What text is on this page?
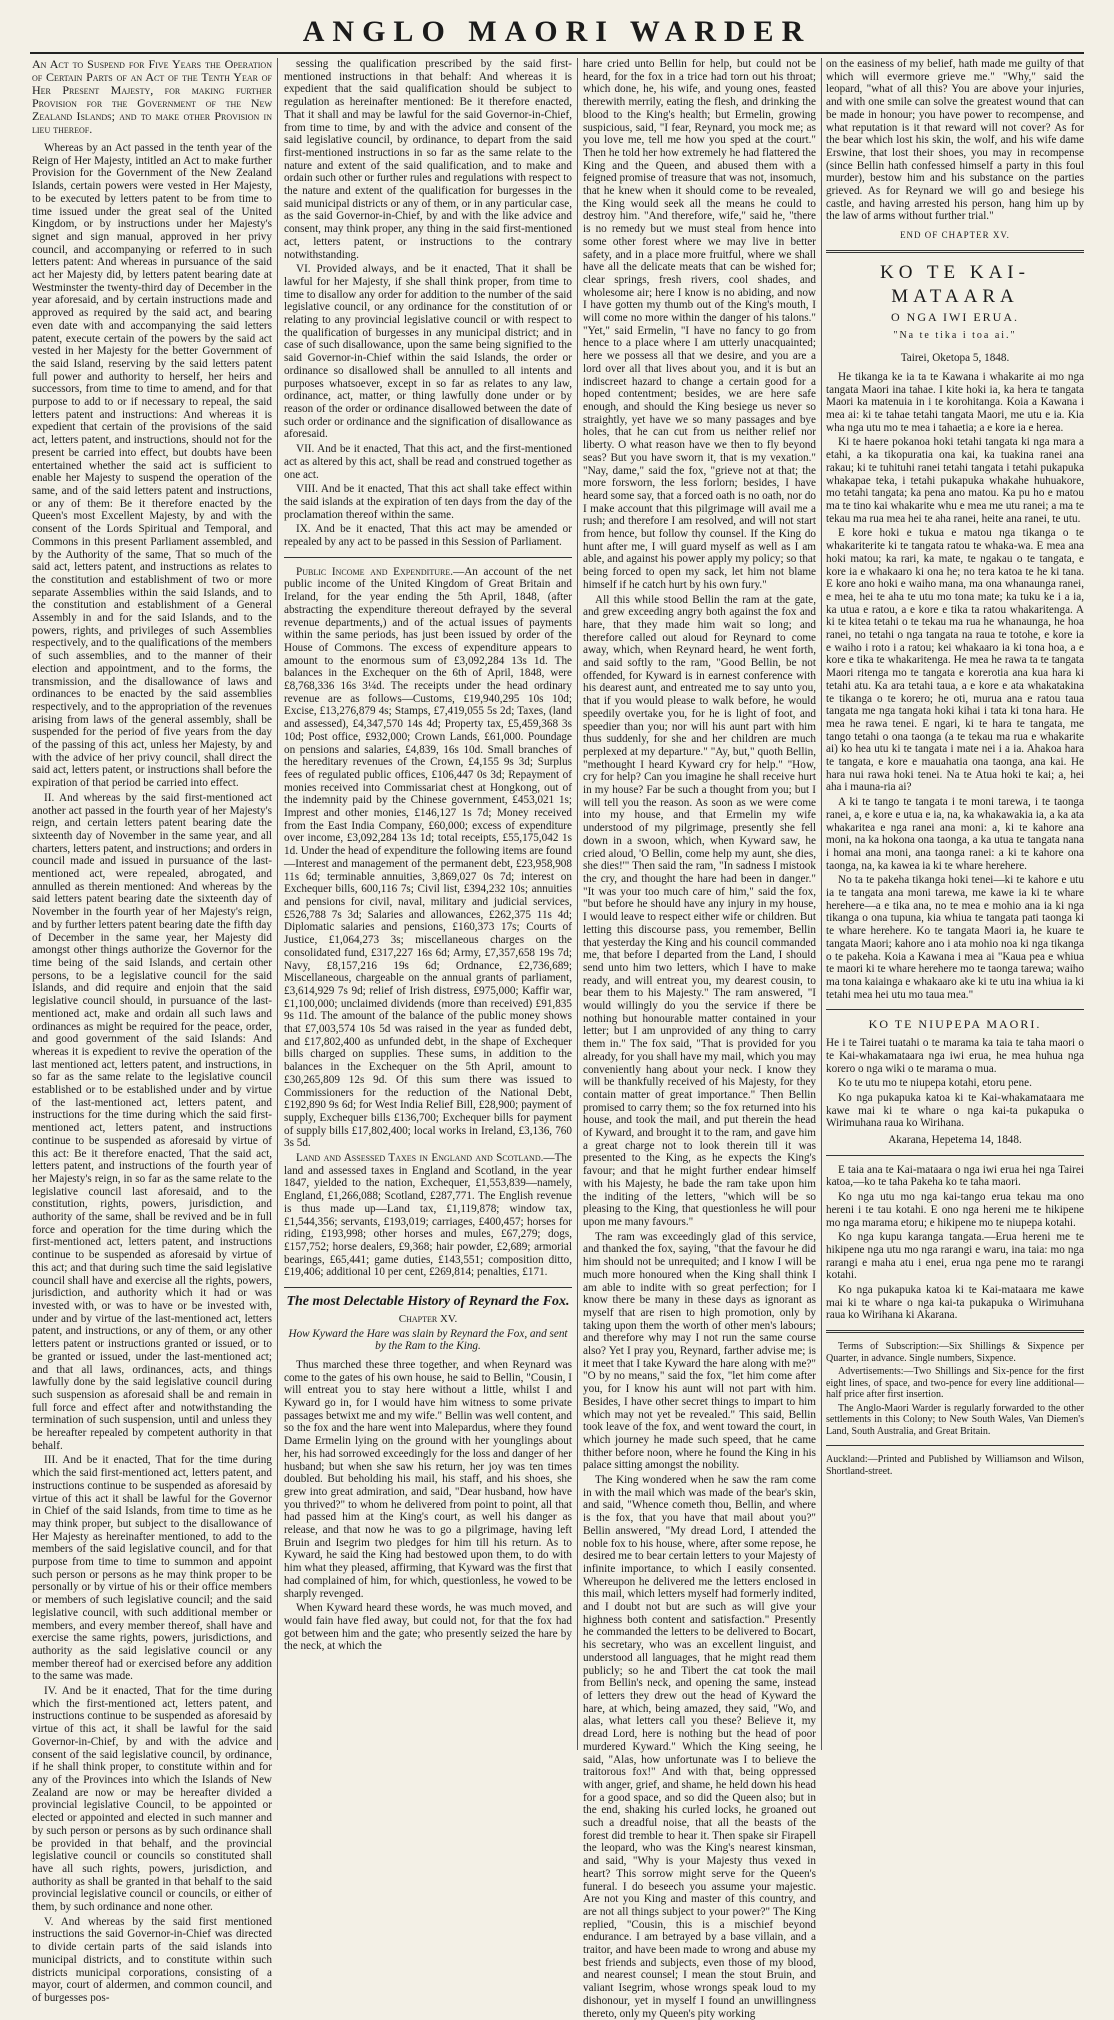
ANGLO MAORI WARDER

An Act to Suspend for Five Years the Operation of Certain Parts of an Act of the Tenth Year of Her Present Majesty, for making further Provision for the Government of the New Zealand Islands; and to make other Provision in lieu thereof.

Whereas by an Act passed in the tenth year of the Reign of Her Majesty, intitled an Act to make further Provision for the Government of the New Zealand Islands, certain powers were vested in Her Majesty, to be executed by letters patent to be from time to time issued under the great seal of the United Kingdom, or by instructions under her Majesty's signet and sign manual, approved in her privy council, and accompanying or referred to in such letters patent: And whereas in pursuance of the said act her Majesty did, by letters patent bearing date at Westminster the twenty-third day of December in the year aforesaid, and by certain instructions made and approved as required by the said act, and bearing even date with and accompanying the said letters patent, execute certain of the powers by the said act vested in her Majesty for the better Government of the said Island, reserving by the said letters patent full power and authority to herself, her heirs and successors, from time to time to amend, and for that purpose to add to or if necessary to repeal, the said letters patent and instructions: And whereas it is expedient that certain of the provisions of the said act, letters patent, and instructions, should not for the present be carried into effect, but doubts have been entertained whether the said act is sufficient to enable her Majesty to suspend the operation of the same, and of the said letters patent and instructions, or any of them: Be it therefore enacted by the Queen's most Excellent Majesty, by and with the consent of the Lords Spiritual and Temporal, and Commons in this present Parliament assembled, and by the Authority of the same, That so much of the said act, letters patent, and instructions as relates to the constitution and establishment of two or more separate Assemblies within the said Islands, and to the constitution and establishment of a General Assembly in and for the said Islands, and to the powers, rights, and privileges of such Assemblies respectively, and to the qualifications of the members of such assemblies, and to the manner of their election and appointment, and to the forms, the transmission, and the disallowance of laws and ordinances to be enacted by the said assemblies respectively, and to the appropriation of the revenues arising from laws of the general assembly, shall be suspended for the period of five years from the day of the passing of this act, unless her Majesty, by and with the advice of her privy council, shall direct the said act, letters patent, or instructions shall before the expiration of that period be carried into effect.

II. And whereas by the said first-mentioned act another act passed in the fourth year of her Majesty's reign, and certain letters patent bearing date the sixteenth day of November in the same year, and all charters, letters patent, and instructions; and orders in council made and issued in pursuance of the last-mentioned act, were repealed, abrogated, and annulled as therein mentioned: And whereas by the said letters patent bearing date the sixteenth day of November in the fourth year of her Majesty's reign, and by further letters patent bearing date the fifth day of December in the same year, her Majesty did amongst other things authorize the Governor for the time being of the said Islands, and certain other persons, to be a legislative council for the said Islands, and did require and enjoin that the said legislative council should, in pursuance of the last-mentioned act, make and ordain all such laws and ordinances as might be required for the peace, order, and good government of the said Islands: And whereas it is expedient to revive the operation of the last mentioned act, letters patent, and instructions, in so far as the same relate to the legislative council established or to be established under and by virtue of the last-mentioned act, letters patent, and instructions for the time during which the said first-mentioned act, letters patent, and instructions continue to be suspended as aforesaid by virtue of this act: Be it therefore enacted, That the said act, letters patent, and instructions of the fourth year of her Majesty's reign, in so far as the same relate to the legislative council last aforesaid, and to the constitution, rights, powers, jurisdiction, and authority of the same, shall be revived and be in full force and operation for the time during which the first-mentioned act, letters patent, and instructions continue to be suspended as aforesaid by virtue of this act; and that during such time the said legislative council shall have and exercise all the rights, powers, jurisdiction, and authority which it had or was invested with, or was to have or be invested with, under and by virtue of the last-mentioned act, letters patent, and instructions, or any of them, or any other letters patent or instructions granted or issued, or to be granted or issued, under the last-mentioned act; and that all laws, ordinances, acts, and things lawfully done by the said legislative council during such suspension as aforesaid shall be and remain in full force and effect after and notwithstanding the termination of such suspension, until and unless they be hereafter repealed by competent authority in that behalf.

III. And be it enacted, That for the time during which the said first-mentioned act, letters patent, and instructions continue to be suspended as aforesaid by virtue of this act it shall be lawful for the Governor in Chief of the said Islands, from time to time as he may think proper, but subject to the disallowance of Her Majesty as hereinafter mentioned, to add to the members of the said legislative council, and for that purpose from time to time to summon and appoint such person or persons as he may think proper to be personally or by virtue of his or their office members or members of such legislative council; and the said legislative council, with such additional member or members, and every member thereof, shall have and exercise the same rights, powers, jurisdictions, and authority as the said legislative council or any member thereof had or exercised before any addition to the same was made.

IV. And be it enacted, That for the time during which the first-mentioned act, letters patent, and instructions continue to be suspended as aforesaid by virtue of this act, it shall be lawful for the said Governor-in-Chief, by and with the advice and consent of the said legislative council, by ordinance, if he shall think proper, to constitute within and for any of the Provinces into which the Islands of New Zealand are now or may be hereafter divided a provincial legislative Council, to be appointed or elected or appointed and elected in such manner and by such person or persons as by such ordinance shall be provided in that behalf, and the provincial legislative council or councils so constituted shall have all such rights, powers, jurisdiction, and authority as shall be granted in that behalf to the said provincial legislative council or councils, or either of them, by such ordinance and none other.

V. And whereas by the said first mentioned instructions the said Governor-in-Chief was directed to divide certain parts of the said islands into municipal districts, and to constitute within such districts municipal corporations, consisting of a mayor, court of aldermen, and common council, and of burgesses pos-

sessing the qualification prescribed by the said first-mentioned instructions in that behalf: And whereas it is expedient that the said qualification should be subject to regulation as hereinafter mentioned: Be it therefore enacted, That it shall and may be lawful for the said Governor-in-Chief, from time to time, by and with the advice and consent of the said legislative council, by ordinance, to depart from the said first-mentioned instructions in so far as the same relate to the nature and extent of the said qualification, and to make and ordain such other or further rules and regulations with respect to the nature and extent of the qualification for burgesses in the said municipal districts or any of them, or in any particular case, as the said Governor-in-Chief, by and with the like advice and consent, may think proper, any thing in the said first-mentioned act, letters patent, or instructions to the contrary notwithstanding.

VI. Provided always, and be it enacted, That it shall be lawful for her Majesty, if she shall think proper, from time to time to disallow any order for addition to the number of the said legislative council, or any ordinance for the constitution of or relating to any provincial legislative council or with respect to the qualification of burgesses in any municipal district; and in case of such disallowance, upon the same being signified to the said Governor-in-Chief within the said Islands, the order or ordinance so disallowed shall be annulled to all intents and purposes whatsoever, except in so far as relates to any law, ordinance, act, matter, or thing lawfully done under or by reason of the order or ordinance disallowed between the date of such order or ordinance and the signification of disallowance as aforesaid.

VII. And be it enacted, That this act, and the first-mentioned act as altered by this act, shall be read and construed together as one act.

VIII. And be it enacted, That this act shall take effect within the said islands at the expiration of ten days from the day of the proclamation thereof within the same.

IX. And be it enacted, That this act may be amended or repealed by any act to be passed in this Session of Parliament.

Public Income and Expenditure.—An account of the net public income of the United Kingdom of Great Britain and Ireland, for the year ending the 5th April, 1848, (after abstracting the expenditure thereout defrayed by the several revenue departments,) and of the actual issues of payments within the same periods, has just been issued by order of the House of Commons. The excess of expenditure appears to amount to the enormous sum of £3,092,284 13s 1d. The balances in the Exchequer on the 6th of April, 1848, were £8,768,336 16s 3¼d. The receipts under the head ordinary revenue are as follows—Customs, £19,940,295 10s 10d; Excise, £13,276,879 4s; Stamps, £7,419,055 5s 2d; Taxes, (land and assessed), £4,347,570 14s 4d; Property tax, £5,459,368 3s 10d; Post office, £932,000; Crown Lands, £61,000. Poundage on pensions and salaries, £4,839, 16s 10d. Small branches of the hereditary revenues of the Crown, £4,155 9s 3d; Surplus fees of regulated public offices, £106,447 0s 3d; Repayment of monies received into Commissariat chest at Hongkong, out of the indemnity paid by the Chinese government, £453,021 1s; Imprest and other monies, £146,127 1s 7d; Money received from the East India Company, £60,000; excess of expenditure over income, £3,092,284 13s 1d; total receipts, £55,175,042 1s 1d. Under the head of expenditure the following items are found—Interest and management of the permanent debt, £23,958,908 11s 6d; terminable annuities, 3,869,027 0s 7d; interest on Exchequer bills, 600,116 7s; Civil list, £394,232 10s; annuities and pensions for civil, naval, military and judicial services, £526,788 7s 3d; Salaries and allowances, £262,375 11s 4d; Diplomatic salaries and pensions, £160,373 17s; Courts of Justice, £1,064,273 3s; miscellaneous charges on the consolidated fund, £317,227 16s 6d; Army, £7,357,658 19s 7d; Navy, £8,157,216 19s 6d; Ordnance, £2,736,689; Miscellaneous, chargeable on the annual grants of parliament, £3,614,929 7s 9d; relief of Irish distress, £975,000; Kaffir war, £1,100,000; unclaimed dividends (more than received) £91,835 9s 11d. The amount of the balance of the public money shows that £7,003,574 10s 5d was raised in the year as funded debt, and £17,802,400 as unfunded debt, in the shape of Exchequer bills charged on supplies. These sums, in addition to the balances in the Exchequer on the 5th April, amount to £30,265,809 12s 9d. Of this sum there was issued to Commissioners for the reduction of the National Debt, £192,890 9s 6d; for West India Relief Bill, £28,900; payment of supply, Exchequer bills £136,700; Exchequer bills for payment of supply bills £17,802,400; local works in Ireland, £3,136, 760 3s 5d.

Land and Assessed Taxes in England and Scotland.—The land and assessed taxes in England and Scotland, in the year 1847, yielded to the nation, Exchequer, £1,553,839—namely, England, £1,266,088; Scotland, £287,771. The English revenue is thus made up—Land tax, £1,119,878; window tax, £1,544,356; servants, £193,019; carriages, £400,457; horses for riding, £193,998; other horses and mules, £67,279; dogs, £157,752; horse dealers, £9,368; hair powder, £2,689; armorial bearings, £65,441; game duties, £143,551; composition ditto, £19,406; additional 10 per cent, £269,814; penalties, £171.

The most Delectable History of Reynard the Fox.
Chapter XV.
How Kyward the Hare was slain by Reynard the Fox, and sent by the Ram to the King.

Thus marched these three together, and when Reynard was come to the gates of his own house, he said to Bellin, "Cousin, I will entreat you to stay here without a little, whilst I and Kyward go in, for I would have him witness to some private passages betwixt me and my wife." Bellin was well content, and so the fox and the hare went into Malepardus, where they found Dame Ermelin lying on the ground with her younglings about her, his had sorrowed exceedingly for the loss and danger of her husband; but when she saw his return, her joy was ten times doubled. But beholding his mail, his staff, and his shoes, she grew into great admiration, and said, "Dear husband, how have you thrived?" to whom he delivered from point to point, all that had passed him at the King's court, as well his danger as release, and that now he was to go a pilgrimage, having left Bruin and Isegrim two pledges for him till his return. As to Kyward, he said the King had bestowed upon them, to do with him what they pleased, affirming, that Kyward was the first that had complained of him, for which, questionless, he vowed to be sharply revenged.

When Kyward heard these words, he was much moved, and would fain have fled away, but could not, for that the fox had got between him and the gate; who presently seized the hare by the neck, at which the

hare cried unto Bellin for help, but could not be heard, for the fox in a trice had torn out his throat; which done, he, his wife, and young ones, feasted therewith merrily, eating the flesh, and drinking the blood to the King's health; but Ermelin, growing suspicious, said, "I fear, Reynard, you mock me; as you love me, tell me how you sped at the court." Then he told her how extremely he had flattered the King and the Queen, and abused them with a feigned promise of treasure that was not, insomuch, that he knew when it should come to be revealed, the King would seek all the means he could to destroy him. "And therefore, wife," said he, "there is no remedy but we must steal from hence into some other forest where we may live in better safety, and in a place more fruitful, where we shall have all the delicate meats that can be wished for; clear springs, fresh rivers, cool shades, and wholesome air; here I know is no abiding, and now I have gotten my thumb out of the King's mouth, I will come no more within the danger of his talons." "Yet," said Ermelin, "I have no fancy to go from hence to a place where I am utterly unacquainted; here we possess all that we desire, and you are a lord over all that lives about you, and it is but an indiscreet hazard to change a certain good for a hoped contentment; besides, we are here safe enough, and should the King besiege us never so straightly, yet have we so many passages and bye holes, that he can cut from us neither relief nor liberty. O what reason have we then to fly beyond seas? But you have sworn it, that is my vexation." "Nay, dame," said the fox, "grieve not at that; the more forsworn, the less forlorn; besides, I have heard some say, that a forced oath is no oath, nor do I make account that this pilgrimage will avail me a rush; and therefore I am resolved, and will not start from hence, but follow thy counsel. If the King do hunt after me, I will guard myself as well as I am able, and against his power apply my policy; so that being forced to open my sack, let him not blame himself if he catch hurt by his own fury."

All this while stood Bellin the ram at the gate, and grew exceeding angry both against the fox and hare, that they made him wait so long; and therefore called out aloud for Reynard to come away, which, when Reynard heard, he went forth, and said softly to the ram, "Good Bellin, be not offended, for Kyward is in earnest conference with his dearest aunt, and entreated me to say unto you, that if you would please to walk before, he would speedily overtake you, for he is light of foot, and speedier than you; nor will his aunt part with him thus suddenly, for she and her children are much perplexed at my departure." "Ay, but," quoth Bellin, "methought I heard Kyward cry for help." "How, cry for help? Can you imagine he shall receive hurt in my house? Far be such a thought from you; but I will tell you the reason. As soon as we were come into my house, and that Ermelin my wife understood of my pilgrimage, presently she fell down in a swoon, which, when Kyward saw, he cried aloud, 'O Bellin, come help my aunt, she dies, she dies!'" Then said the ram, "In sadness I mistook the cry, and thought the hare had been in danger." "It was your too much care of him," said the fox, "but before he should have any injury in my house, I would leave to respect either wife or children. But letting this discourse pass, you remember, Bellin that yesterday the King and his council commanded me, that before I departed from the Land, I should send unto him two letters, which I have to make ready, and will entreat you, my dearest cousin, to bear them to his Majesty." The ram answered, "I would willingly do you the service if there be nothing but honourable matter contained in your letter; but I am unprovided of any thing to carry them in." The fox said, "That is provided for you already, for you shall have my mail, which you may conveniently hang about your neck. I know they will be thankfully received of his Majesty, for they contain matter of great importance." Then Bellin promised to carry them; so the fox returned into his house, and took the mail, and put therein the head of Kyward, and brought it to the ram, and gave him a great charge not to look therein till it was presented to the King, as he expects the King's favour; and that he might further endear himself with his Majesty, he bade the ram take upon him the inditing of the letters, "which will be so pleasing to the King, that questionless he will pour upon me many favours."

The ram was exceedingly glad of this service, and thanked the fox, saying, "that the favour he did him should not be unrequited; and I know I will be much more honoured when the King shall think I am able to indite with so great perfection; for I know there be many in these days as ignorant as myself that are risen to high promotion, only by taking upon them the worth of other men's labours; and therefore why may I not run the same course also? Yet I pray you, Reynard, farther advise me; is it meet that I take Kyward the hare along with me?" "O by no means," said the fox, "let him come after you, for I know his aunt will not part with him. Besides, I have other secret things to impart to him which may not yet be revealed." This said, Bellin took leave of the fox, and went toward the court, in which journey he made such speed, that he came thither before noon, where he found the King in his palace sitting amongst the nobility.

The King wondered when he saw the ram come in with the mail which was made of the bear's skin, and said, "Whence cometh thou, Bellin, and where is the fox, that you have that mail about you?" Bellin answered, "My dread Lord, I attended the noble fox to his house, where, after some repose, he desired me to bear certain letters to your Majesty of infinite importance, to which I easily consented. Whereupon he delivered me the letters enclosed in this mail, which letters myself had formerly indited, and I doubt not but are such as will give your highness both content and satisfaction." Presently he commanded the letters to be delivered to Bocart, his secretary, who was an excellent linguist, and understood all languages, that he might read them publicly; so he and Tibert the cat took the mail from Bellin's neck, and opening the same, instead of letters they drew out the head of Kyward the hare, at which, being amazed, they said, "Wo, and alas, what letters call you these? Believe it, my dread Lord, here is nothing but the head of poor murdered Kyward." Which the King seeing, he said, "Alas, how unfortunate was I to believe the traitorous fox!" And with that, being oppressed with anger, grief, and shame, he held down his head for a good space, and so did the Queen also; but in the end, shaking his curled locks, he groaned out such a dreadful noise, that all the beasts of the forest did tremble to hear it. Then spake sir Firapell the leopard, who was the King's nearest kinsman, and said, "Why is your Majesty thus vexed in heart? This sorrow might serve for the Queen's funeral. I do beseech you assume your majestic. Are not you King and master of this country, and are not all things subject to your power?" The King replied, "Cousin, this is a mischief beyond endurance. I am betrayed by a base villain, and a traitor, and have been made to wrong and abuse my best friends and subjects, even those of my blood, and nearest counsel; I mean the stout Bruin, and valiant Isegrim, whose wrongs speak loud to my dishonour, yet in myself I found an unwillingness thereto, only my Queen's pity working

on the easiness of my belief, hath made me guilty of that which will evermore grieve me." "Why," said the leopard, "what of all this? You are above your injuries, and with one smile can solve the greatest wound that can be made in honour; you have power to recompense, and what reputation is it that reward will not cover? As for the bear which lost his skin, the wolf, and his wife dame Erswine, that lost their shoes, you may in recompense (since Bellin hath confessed himself a party in this foul murder), bestow him and his substance on the parties grieved. As for Reynard we will go and besiege his castle, and having arrested his person, hang him up by the law of arms without further trial."

END OF CHAPTER XV.
KO TE KAI-MATAARA
O NGA IWI ERUA.
"Na te tika i toa ai."
Tairei, Oketopa 5, 1848.

He tikanga ke ia ta te Kawana i whakarite ai mo nga tangata Maori ina tahae. I kite hoki ia, ka hera te tangata Maori ka matenuia in i te korohitanga. Koia a Kawana i mea ai: ki te tahae tetahi tangata Maori, me utu e ia. Kia wha nga utu mo te mea i tahaetia; a e kore ia e herea.

Ki te haere pokanoa hoki tetahi tangata ki nga mara a etahi, a ka tikopuratia ona kai, ka tuakina ranei ana rakau; ki te tuhituhi ranei tetahi tangata i tetahi pukapuka whakapae teka, i tetahi pukapuka whakahe huhuakore, mo tetahi tangata; ka pena ano matou. Ka pu ho e matou ma te tino kai whakarite whu e mea me utu ranei; a ma te tekau ma rua mea hei te aha ranei, heite ana ranei, te utu.

E kore hoki e tukua e matou nga tikanga o te whakariterite ki te tangata ratou te whaka-wa. E mea ana hoki matou; ka rari, ka mate, te ngakau o te tangata, e kore ia e whakaaro ki ona he; no tera katoa te he ki tana. E kore ano hoki e waiho mana, ma ona whanaunga ranei, e mea, hei te aha te utu mo tona mate; ka tuku ke i a ia, ka utua e ratou, a e kore e tika ta ratou whakaritenga. A ki te kitea tetahi o te tekau ma rua he whanaunga, he hoa ranei, no tetahi o nga tangata na raua te totohe, e kore ia e waiho i roto i a ratou; kei whakaaro ia ki tona hoa, a e kore e tika te whakaritenga. He mea he rawa ta te tangata Maori ritenga mo te tangata e korerotia ana kua hara ki tetahi atu. Ka ara tetahi taua, a e kore e ata whakatakina te tikanga o te korero; he oti, murua ana e ratou taua tangata me nga tangata hoki kihai i tata ki tona hara. He mea he rawa tenei. E ngari, ki te hara te tangata, me tango tetahi o ona taonga (a te tekau ma rua e whakarite ai) ko hea utu ki te tangata i mate nei i a ia. Ahakoa hara te tangata, e kore e mauahatia ona taonga, ana kai. He hara nui rawa hoki tenei. Na te Atua hoki te kai; a, hei aha i mauna-ria ai?

A ki te tango te tangata i te moni tarewa, i te taonga ranei, a, e kore e utua e ia, na, ka whakawakia ia, a ka ata whakaritea e nga ranei ana moni: a, ki te kahore ana moni, na ka hokona ona taonga, a ka utua te tangata nana i homai ana moni, ana taonga ranei: a ki te kahore ona taonga, na, ka kawea ia ki te whare herehere.

No ta te pakeha tikanga hoki tenei—ki te kahore e utu ia te tangata ana moni tarewa, me kawe ia ki te whare herehere—a e tika ana, no te mea e mohio ana ia ki nga tikanga o ona tupuna, kia whiua te tangata pati taonga ki te whare herehere. Ko te tangata Maori ia, he kuare te tangata Maori; kahore ano i ata mohio noa ki nga tikanga o te pakeha. Koia a Kawana i mea ai "Kaua pea e whiua te maori ki te whare herehere mo te taonga tarewa; waiho ma tona kaiainga e whakaaro ake ki te utu ina whiua ia ki tetahi mea hei utu mo taua mea."

KO TE NIUPEPA MAORI.

He i te Tairei tuatahi o te marama ka taia te taha maori o te Kai-whakamataara nga iwi erua, he mea huhua nga korero o nga wiki o te marama o mua.

Ko te utu mo te niupepa kotahi, etoru pene.

Ko nga pukapuka katoa ki te Kai-whakamataara me kawe mai ki te whare o nga kai-ta pukapuka o Wirimuhana raua ko Wirihana.

Akarana, Hepetema 14, 1848.

E taia ana te Kai-mataara o nga iwi erua hei nga Tairei katoa,—ko te taha Pakeha ko te taha maori.

Ko nga utu mo nga kai-tango erua tekau ma ono hereni i te tau kotahi. E ono nga hereni me te hikipene mo nga marama etoru; e hikipene mo te niupepa kotahi.

Ko nga kupu karanga tangata.—Erua hereni me te hikipene nga utu mo nga rarangi e waru, ina taia: mo nga rarangi e maha atu i enei, erua nga pene mo te rarangi kotahi.

Ko nga pukapuka katoa ki te Kai-mataara me kawe mai ki te whare o nga kai-ta pukapuka o Wirimuhana raua ko Wirihana ki Akarana.

Terms of Subscription:—Six Shillings & Sixpence per Quarter, in advance. Single numbers, Sixpence.

Advertisements:—Two Shillings and Six-pence for the first eight lines, of space, and two-pence for every line additional—half price after first insertion.

The Anglo-Maori Warder is regularly forwarded to the other settlements in this Colony; to New South Wales, Van Diemen's Land, South Australia, and Great Britain.

Auckland:—Printed and Published by Williamson and Wilson, Shortland-street.
